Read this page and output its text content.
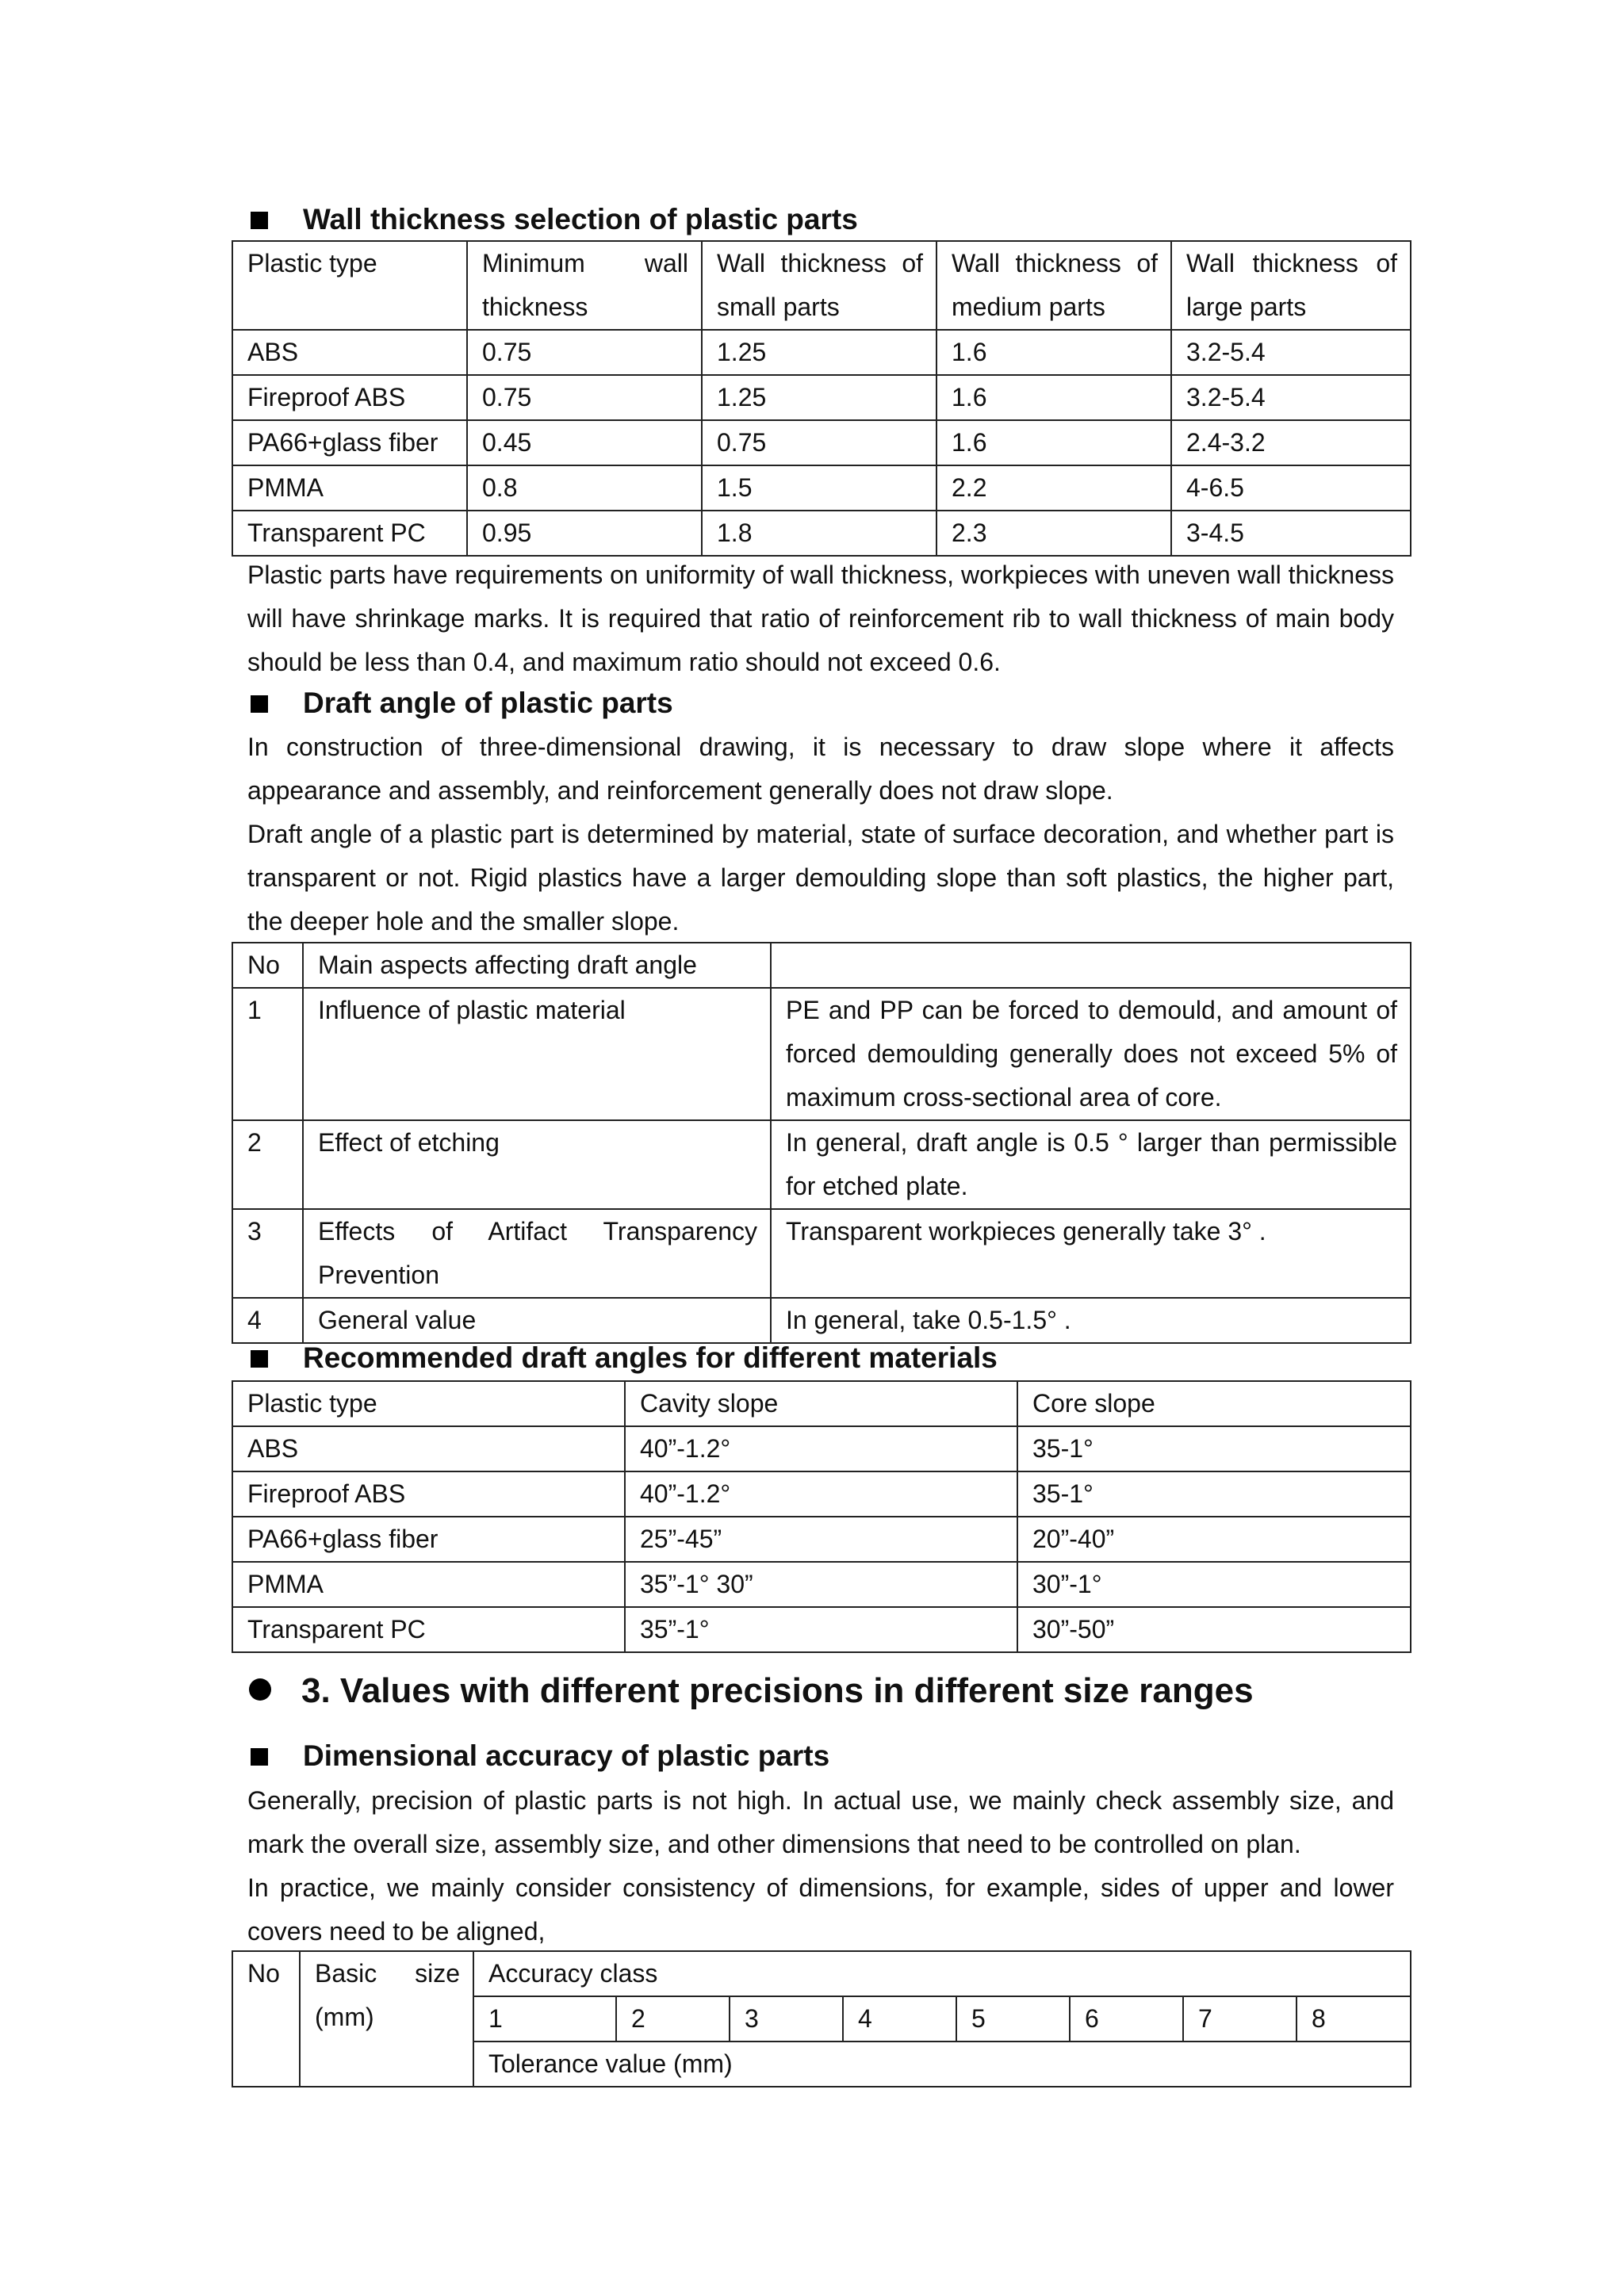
Wall thickness selection of plastic parts
Plastic type	Minimum wall thickness	Wall thickness of small parts	Wall thickness of medium parts	Wall thickness of large parts
ABS	0.75	1.25	1.6	3.2-5.4
Fireproof ABS	0.75	1.25	1.6	3.2-5.4
PA66+glass fiber	0.45	0.75	1.6	2.4-3.2
PMMA	0.8	1.5	2.2	4-6.5
Transparent PC	0.95	1.8	2.3	3-4.5
Plastic parts have requirements on uniformity of wall thickness, workpieces with uneven wall thickness will have shrinkage marks. It is required that ratio of reinforcement rib to wall thickness of main body should be less than 0.4, and maximum ratio should not exceed 0.6.
Draft angle of plastic parts
In construction of three-dimensional drawing, it is necessary to draw slope where it affects appearance and assembly, and reinforcement generally does not draw slope.
Draft angle of a plastic part is determined by material, state of surface decoration, and whether part is transparent or not. Rigid plastics have a larger demoulding slope than soft plastics, the higher part, the deeper hole and the smaller slope.
No	Main aspects affecting draft angle	
1	Influence of plastic material	PE and PP can be forced to demould, and amount of forced demoulding generally does not exceed 5% of maximum cross-sectional area of core.
2	Effect of etching	In general, draft angle is 0.5 ° larger than permissible for etched plate.
3	Effects of Artifact Transparency Prevention	Transparent workpieces generally take 3° .
4	General value	In general, take 0.5-1.5° .
Recommended draft angles for different materials
Plastic type	Cavity slope	Core slope
ABS	40”-1.2°	35-1°
Fireproof ABS	40”-1.2°	35-1°
PA66+glass fiber	25”-45”	20”-40”
PMMA	35”-1° 30”	30”-1°
Transparent PC	35”-1°	30”-50”
3. Values with different precisions in different size ranges
Dimensional accuracy of plastic parts
Generally, precision of plastic parts is not high. In actual use, we mainly check assembly size, and mark the overall size, assembly size, and other dimensions that need to be controlled on plan.
In practice, we mainly consider consistency of dimensions, for example, sides of upper and lower covers need to be aligned,
No	Basic size (mm)	Accuracy class							
		1	2	3	4	5	6	7	8
		Tolerance value (mm)							
